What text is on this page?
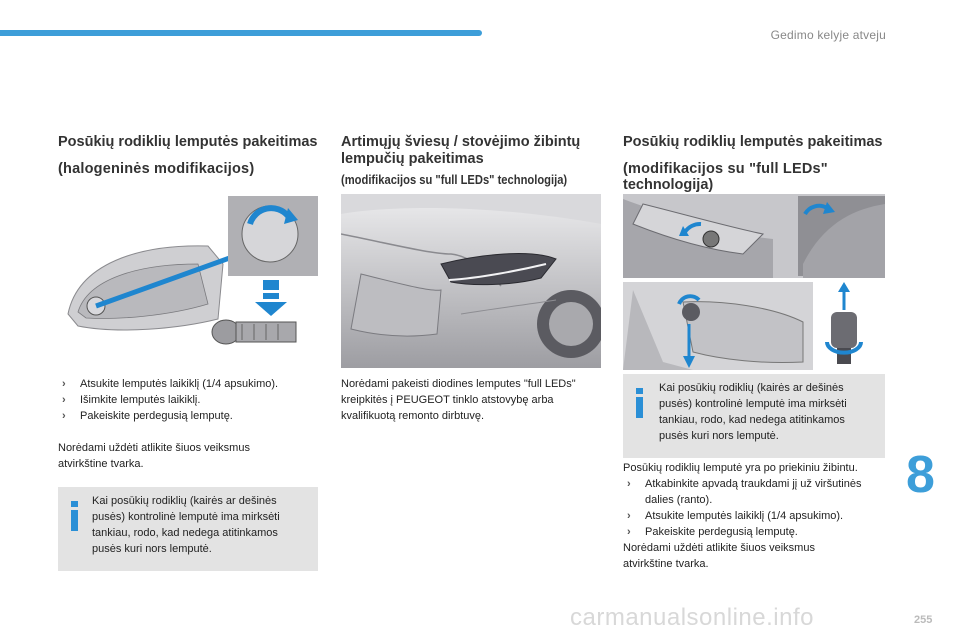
Gedimo kelyje atveju
Posūkių rodiklių lemputės pakeitimas
(halogeninės modifikacijos)
› Atsukite lemputės laikiklį (1/4 apsukimo).
› Išimkite lemputės laikiklį.
› Pakeiskite perdegusią lemputę.

Norėdami uždėti atlikite šiuos veiksmus atvirkštine tvarka.

Kai posūkių rodiklių (kairės ar dešinės pusės) kontrolinė lemputė ima mirksėti tankiau, rodo, kad nedega atitinkamos pusės kuri nors lemputė.

Artimųjų šviesų / stovėjimo žibintų
lempučių pakeitimas
(modifikacijos su "full LEDs" technologija)

Norėdami pakeisti diodines lemputes "full LEDs" kreipkitės į PEUGEOT tinklo atstovybę arba kvalifikuotą remonto dirbtuvę.

Posūkių rodiklių lemputės pakeitimas
(modifikacijos su "full LEDs"
technologija)

Kai posūkių rodiklių (kairės ar dešinės pusės) kontrolinė lemputė ima mirksėti tankiau, rodo, kad nedega atitinkamos pusės kuri nors lemputė.

Posūkių rodiklių lemputė yra po priekiniu žibintu.

› Atkabinkite apvadą traukdami jį už viršutinės dalies (ranto).
› Atsukite lemputės laikiklį (1/4 apsukimo).
› Pakeiskite perdegusią lemputę.

Norėdami uždėti atlikite šiuos veiksmus atvirkštine tvarka.

8
carmanualsonline.info	255
